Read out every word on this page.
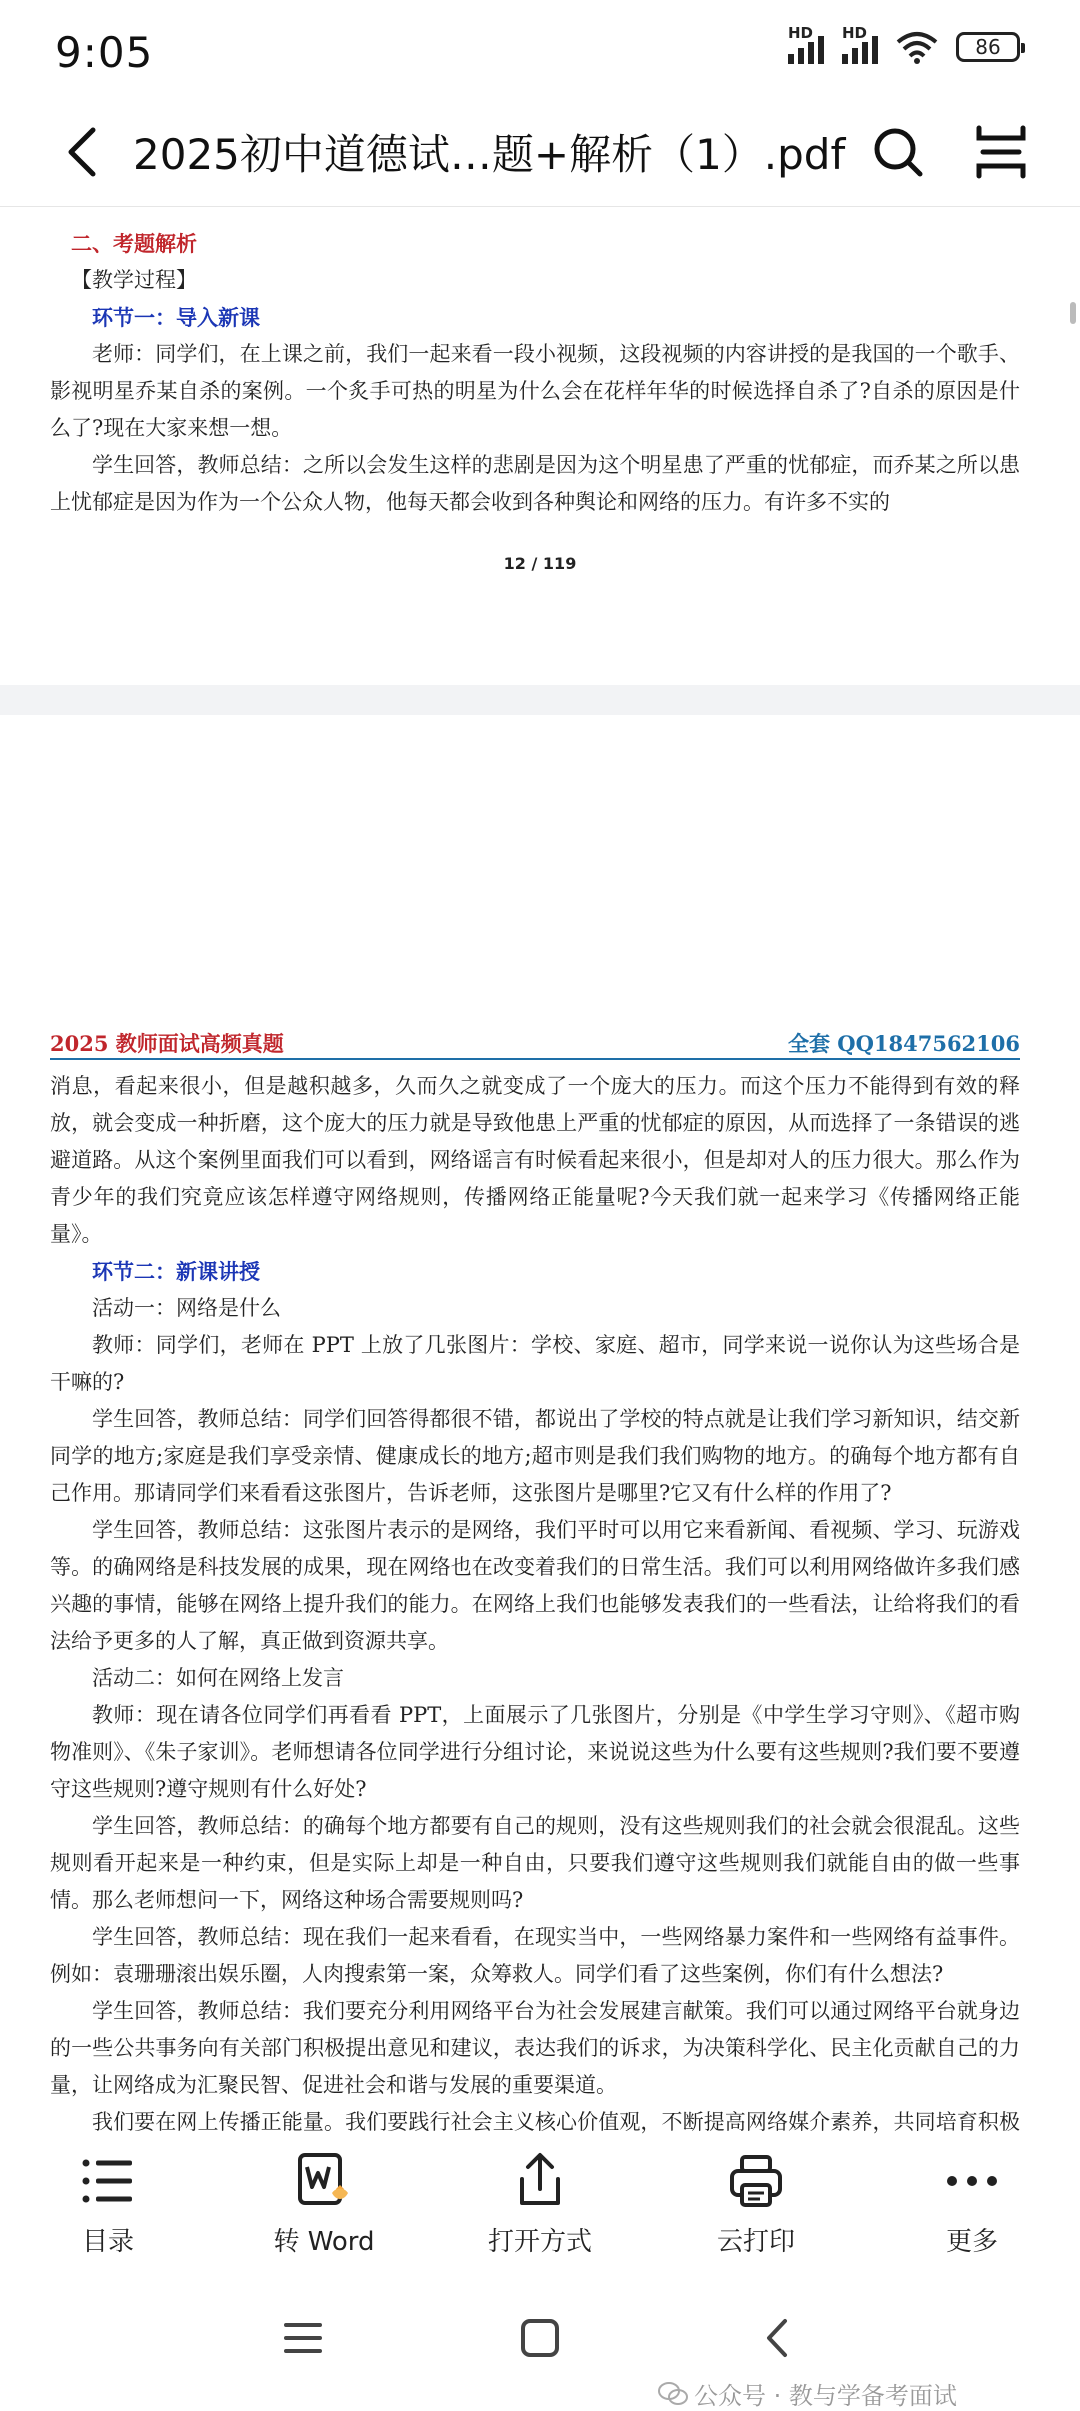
9:05	HD HD
86
2025初中道德试…题+解析（1）.pdf

二、考题解析

【教学过程】

环节一：导入新课

老师：同学们，在上课之前，我们一起来看一段小视频，这段视频的内容讲授的是我国的一个歌手、影视明星乔某自杀的案例。一个炙手可热的明星为什么会在花样年华的时候选择自杀了?自杀的原因是什么了?现在大家来想一想。

学生回答，教师总结：之所以会发生这样的悲剧是因为这个明星患了严重的忧郁症，而乔某之所以患上忧郁症是因为作为一个公众人物，他每天都会收到各种舆论和网络的压力。有许多不实的

12 / 119
2025 教师面试高频真题	全套 QQ1847562106

消息，看起来很小，但是越积越多，久而久之就变成了一个庞大的压力。而这个压力不能得到有效的释放，就会变成一种折磨，这个庞大的压力就是导致他患上严重的忧郁症的原因，从而选择了一条错误的逃避道路。从这个案例里面我们可以看到，网络谣言有时候看起来很小，但是却对人的压力很大。那么作为青少年的我们究竟应该怎样遵守网络规则，传播网络正能量呢?今天我们就一起来学习《传播网络正能量》。

环节二：新课讲授

活动一：网络是什么

教师：同学们，老师在 PPT 上放了几张图片：学校、家庭、超市，同学来说一说你认为这些场合是干嘛的?

学生回答，教师总结：同学们回答得都很不错，都说出了学校的特点就是让我们学习新知识，结交新同学的地方;家庭是我们享受亲情、健康成长的地方;超市则是我们我们购物的地方。的确每个地方都有自己作用。那请同学们来看看这张图片，告诉老师，这张图片是哪里?它又有什么样的作用了?

学生回答，教师总结：这张图片表示的是网络，我们平时可以用它来看新闻、看视频、学习、玩游戏等。的确网络是科技发展的成果，现在网络也在改变着我们的日常生活。我们可以利用网络做许多我们感兴趣的事情，能够在网络上提升我们的能力。在网络上我们也能够发表我们的一些看法，让给将我们的看法给予更多的人了解，真正做到资源共享。

活动二：如何在网络上发言

教师：现在请各位同学们再看看 PPT，上面展示了几张图片，分别是《中学生学习守则》、《超市购物准则》、《朱子家训》。老师想请各位同学进行分组讨论，来说说这些为什么要有这些规则?我们要不要遵守这些规则?遵守规则有什么好处?

学生回答，教师总结：的确每个地方都要有自己的规则，没有这些规则我们的社会就会很混乱。这些规则看开起来是一种约束，但是实际上却是一种自由，只要我们遵守这些规则我们就能自由的做一些事情。那么老师想问一下，网络这种场合需要规则吗?

学生回答，教师总结：现在我们一起来看看，在现实当中，一些网络暴力案件和一些网络有益事件。例如：袁珊珊滚出娱乐圈，人肉搜索第一案，众筹救人。同学们看了这些案例，你们有什么想法?

学生回答，教师总结：我们要充分利用网络平台为社会发展建言献策。我们可以通过网络平台就身边的一些公共事务向有关部门积极提出意见和建议，表达我们的诉求，为决策科学化、民主化贡献自己的力量，让网络成为汇聚民智、促进社会和谐与发展的重要渠道。

我们要在网上传播正能量。我们要践行社会主义核心价值观，不断提高网络媒介素养，共同培育积极

目录	转 Word	打开方式	云打印	更多
公众号 · 教与学备考面试
